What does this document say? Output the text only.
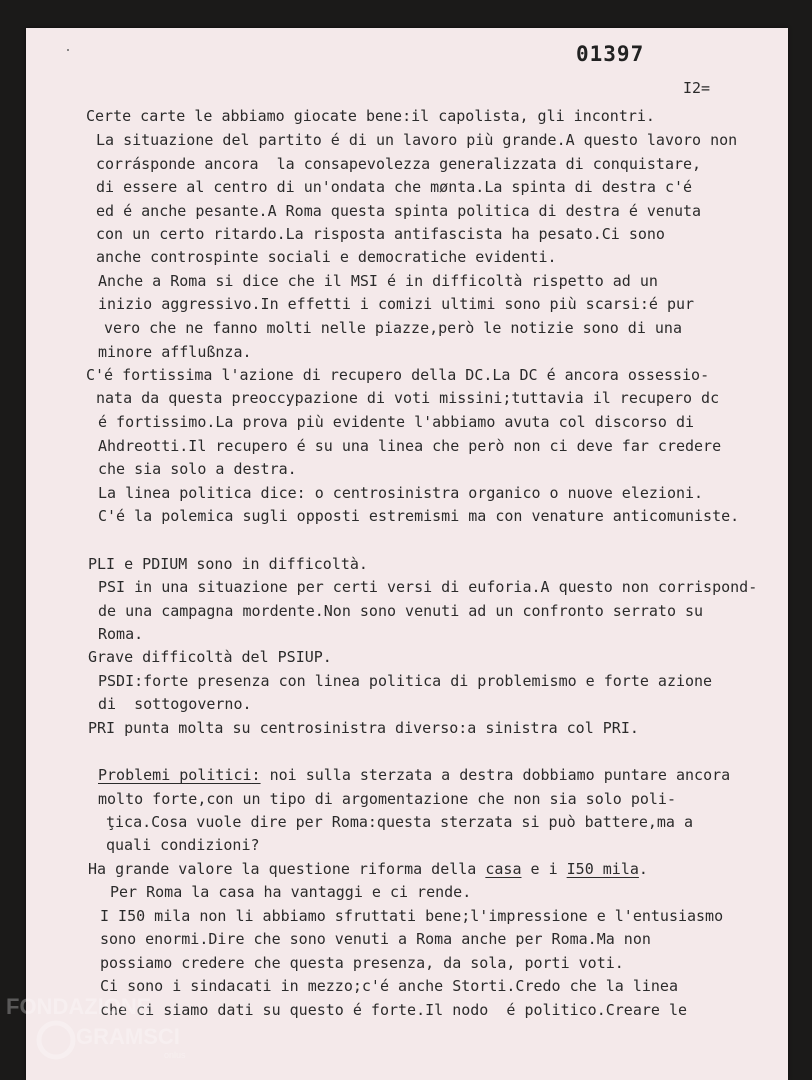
01397
I2=
Certe carte le abbiamo giocate bene:il capolista, gli incontri.
La situazione del partito é di un lavoro più grande.A questo lavoro non
corrásponde ancora  la consapevolezza generalizzata di conquistare,
di essere al centro di un'ondata che mønta.La spinta di destra c'é
ed é anche pesante.A Roma questa spinta politica di destra é venuta
con un certo ritardo.La risposta antifascista ha pesato.Ci sono
anche controspinte sociali e democratiche evidenti.
Anche a Roma si dice che il MSI é in difficoltà rispetto ad un
inizio aggressivo.In effetti i comizi ultimi sono più scarsi:é pur
vero che ne fanno molti nelle piazze,però le notizie sono di una
minore afflußnza.
C'é fortissima l'azione di recupero della DC.La DC é ancora ossessio-
nata da questa preoccypazione di voti missini;tuttavia il recupero dc
é fortissimo.La prova più evidente l'abbiamo avuta col discorso di
Ahdreotti.Il recupero é su una linea che però non ci deve far credere
che sia solo a destra.
La linea politica dice: o centrosinistra organico o nuove elezioni.
C'é la polemica sugli opposti estremismi ma con venature anticomuniste.
PLI e PDIUM sono in difficoltà.
PSI in una situazione per certi versi di euforia.A questo non corrispond-
de una campagna mordente.Non sono venuti ad un confronto serrato su
Roma.
Grave difficoltà del PSIUP.
PSDI:forte presenza con linea politica di problemismo e forte azione
di  sottogoverno.
PRI punta molta su centrosinistra diverso:a sinistra col PRI.
Problemi politici: noi sulla sterzata a destra dobbiamo puntare ancora
molto forte,con un tipo di argomentazione che non sia solo poli-
ţica.Cosa vuole dire per Roma:questa sterzata si può battere,ma a
quali condizioni?
Ha grande valore la questione riforma della casa e i I50 mila.
Per Roma la casa ha vantaggi e ci rende.
I I50 mila non li abbiamo sfruttati bene;l'impressione e l'entusiasmo
sono enormi.Dire che sono venuti a Roma anche per Roma.Ma non
possiamo credere che questa presenza, da sola, porti voti.
Ci sono i sindacati in mezzo;c'é anche Storti.Credo che la linea
che ci siamo dati su questo é forte.Il nodo  é politico.Creare le
FONDAZIONE
GRAMSCI
onlus
